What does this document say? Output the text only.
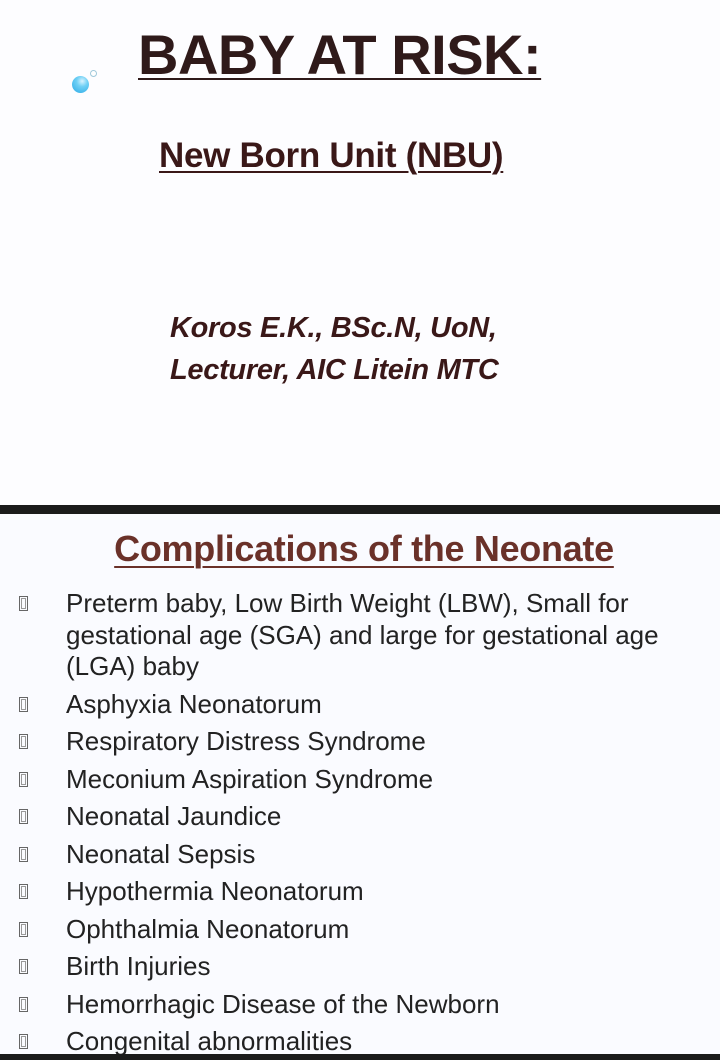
BABY AT RISK:
New Born Unit (NBU)
Koros E.K., BSc.N, UoN,
Lecturer, AIC Litein MTC
Complications of the Neonate
Preterm baby, Low Birth Weight (LBW), Small for gestational age (SGA) and large for gestational age (LGA) baby
Asphyxia Neonatorum
Respiratory Distress Syndrome
Meconium Aspiration Syndrome
Neonatal Jaundice
Neonatal Sepsis
Hypothermia Neonatorum
Ophthalmia Neonatorum
Birth Injuries
Hemorrhagic Disease of the Newborn
Congenital abnormalities
